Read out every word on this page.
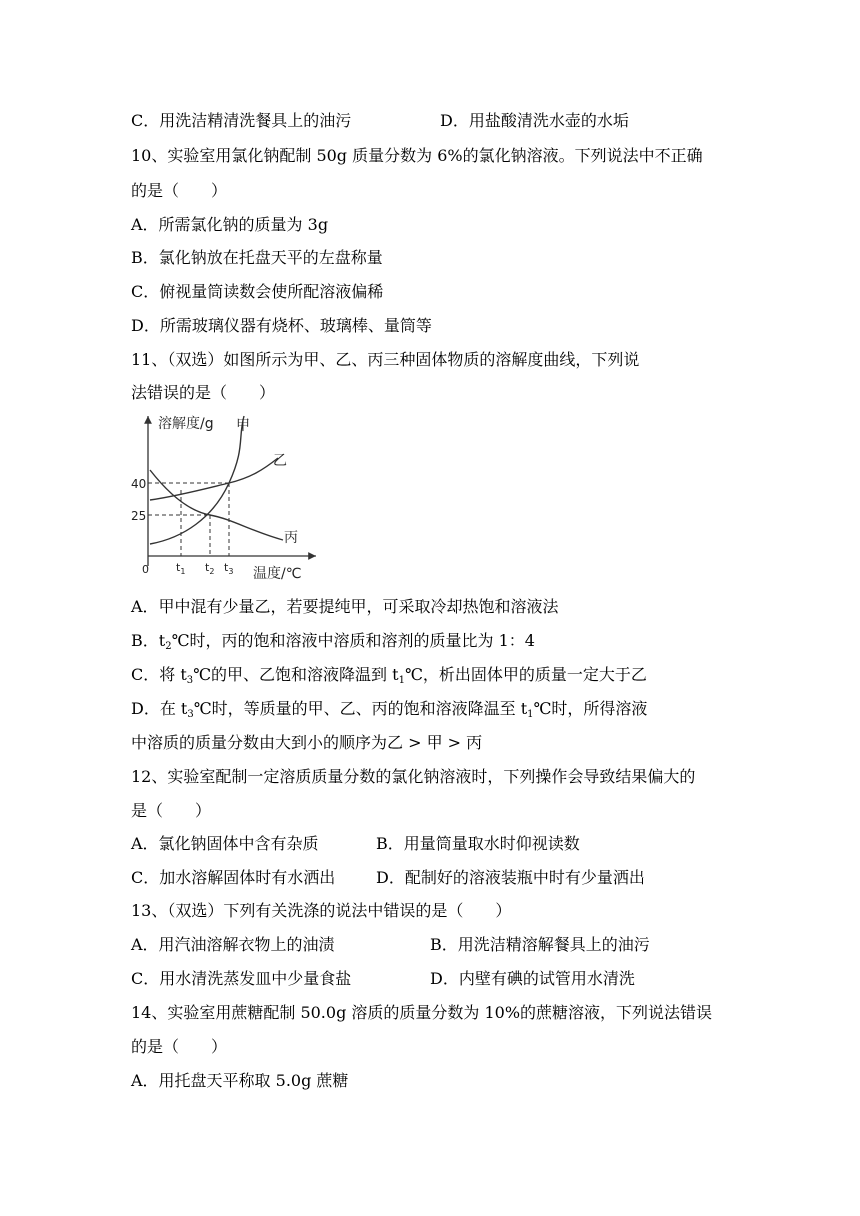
C．用洗洁精清洗餐具上的油污	D．用盐酸清洗水壶的水垢
10、实验室用氯化钠配制 50g 质量分数为 6%的氯化钠溶液。下列说法中不正确
的是（　　）
A．所需氯化钠的质量为 3g
B．氯化钠放在托盘天平的左盘称量
C．俯视量筒读数会使所配溶液偏稀
D．所需玻璃仪器有烧杯、玻璃棒、量筒等
11、（双选）如图所示为甲、乙、丙三种固体物质的溶解度曲线，下列说
法错误的是（　　）
溶解度/g 甲
乙
丙
40
25
0 $t_1$ $t_2$ $t_3$ 温度/℃
A．甲中混有少量乙，若要提纯甲，可采取冷却热饱和溶液法
B．$t_2℃$时，丙的饱和溶液中溶质和溶剂的质量比为 1：4
C．将 $t_3℃$的甲、乙饱和溶液降温到 $t_1℃$，析出固体甲的质量一定大于乙
D．在 $t_3℃$时，等质量的甲、乙、丙的饱和溶液降温至 $t_1℃$时，所得溶液
中溶质的质量分数由大到小的顺序为乙 > 甲 > 丙
12、实验室配制一定溶质质量分数的氯化钠溶液时，下列操作会导致结果偏大的
是（　　）
A．氯化钠固体中含有杂质	B．用量筒量取水时仰视读数
C．加水溶解固体时有水洒出	D．配制好的溶液装瓶中时有少量洒出
13、（双选）下列有关洗涤的说法中错误的是（　　）
A．用汽油溶解衣物上的油渍	B．用洗洁精溶解餐具上的油污
C．用水清洗蒸发皿中少量食盐	D．内壁有碘的试管用水清洗
14、实验室用蔗糖配制 50.0g 溶质的质量分数为 10%的蔗糖溶液，下列说法错误
的是（　　）
A．用托盘天平称取 5.0g 蔗糖
